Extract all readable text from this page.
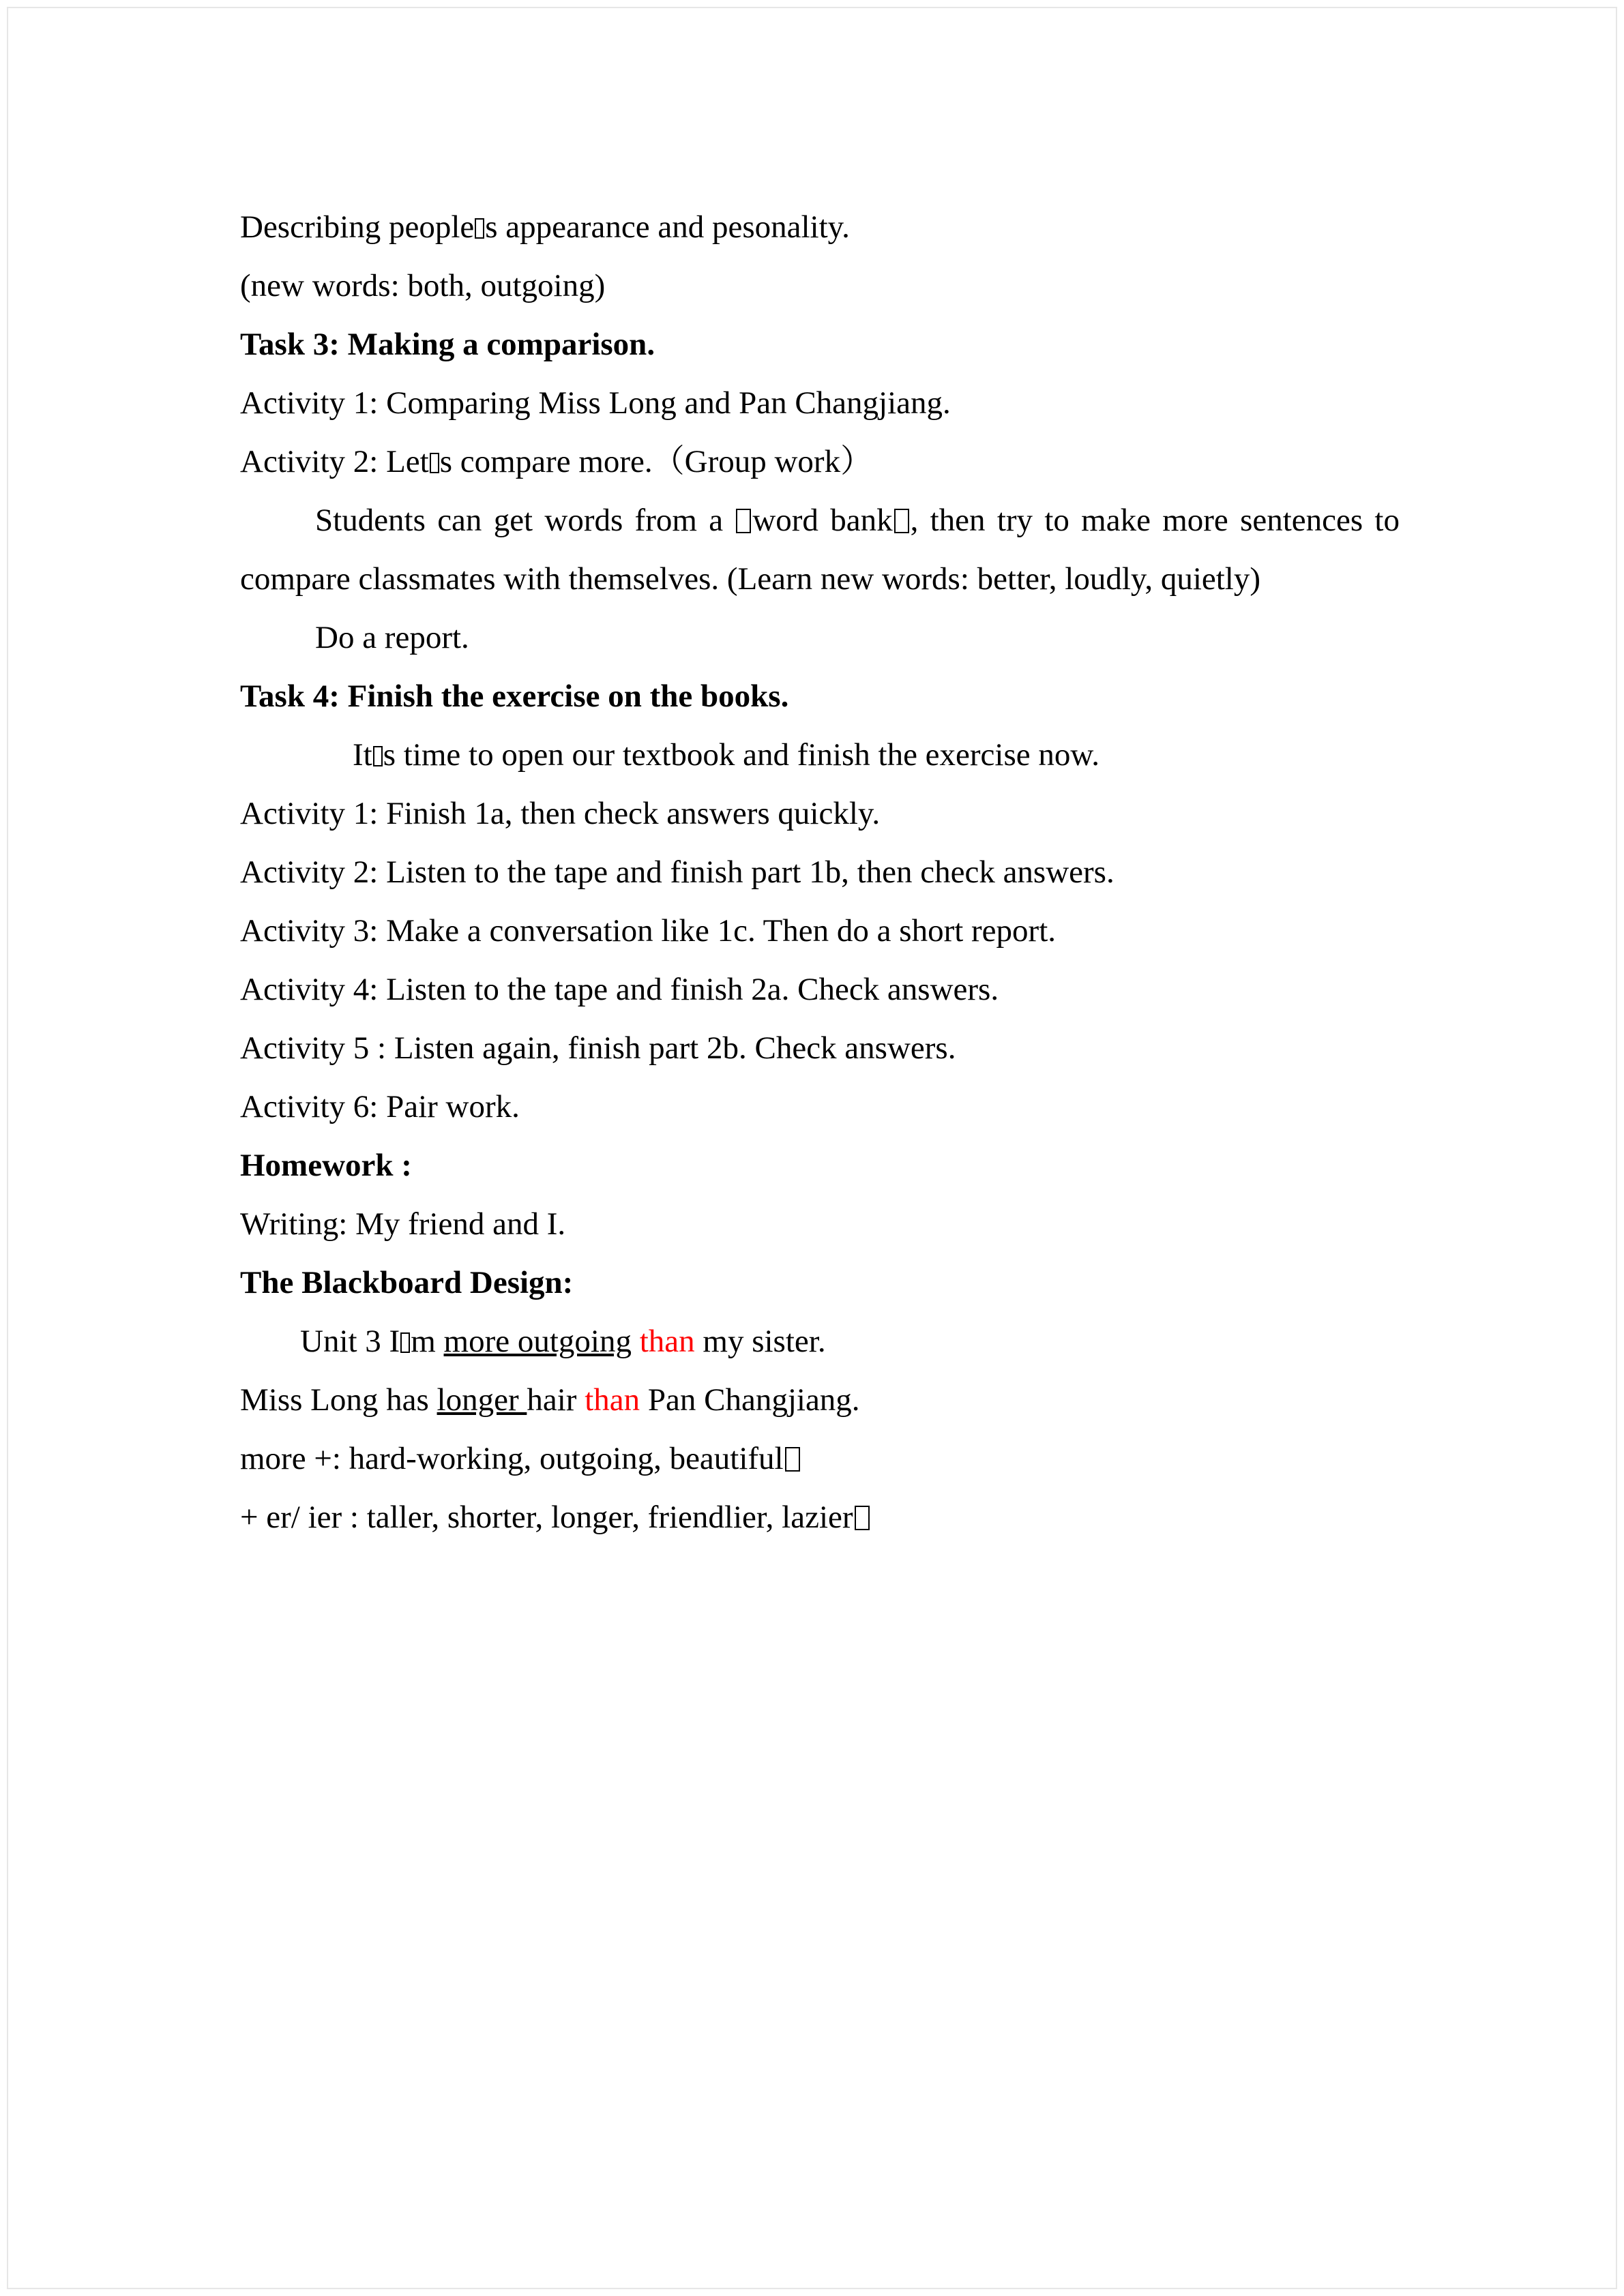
Describing people s appearance and pesonality.
(new words: both, outgoing)
Task 3: Making a comparison.
Activity 1: Comparing Miss Long and Pan Changjiang.
Activity 2: Let s compare more.（Group work）
Students can get words from a word bank , then try to make more sentences to compare classmates with themselves. (Learn new words: better, loudly, quietly)
Do a report.
Task 4: Finish the exercise on the books.
It s time to open our textbook and finish the exercise now.
Activity 1: Finish 1a, then check answers quickly.
Activity 2: Listen to the tape and finish part 1b, then check answers.
Activity 3: Make a conversation like 1c. Then do a short report.
Activity 4: Listen to the tape and finish 2a. Check answers.
Activity 5 : Listen again, finish part 2b. Check answers.
Activity 6: Pair work.
Homework :
Writing: My friend and I.
The Blackboard Design:
Unit 3 I m more outgoing than my sister.
Miss Long has longer hair than Pan Changjiang.
more +: hard-working, outgoing, beautiful
+ er/ ier : taller, shorter, longer, friendlier, lazier
